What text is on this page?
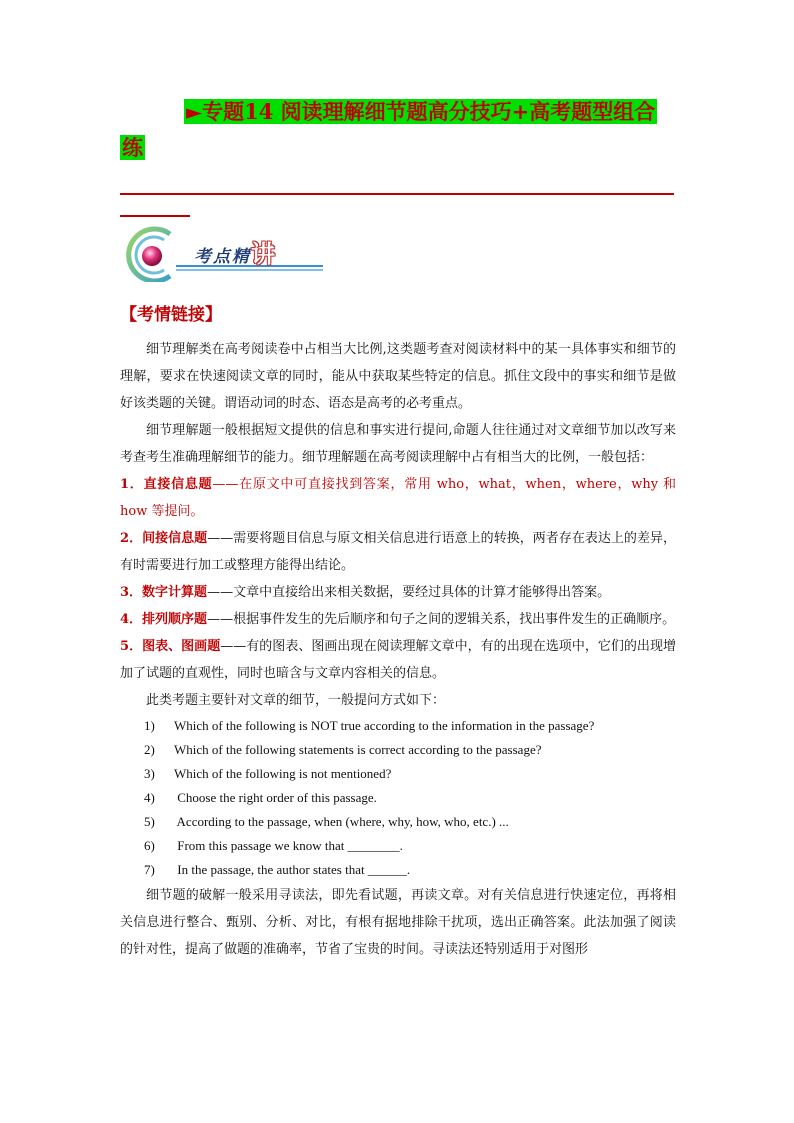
►专题14 阅读理解细节题高分技巧+高考题型组合
练
考点精讲
【考情链接】

细节理解类在高考阅读卷中占相当大比例,这类题考查对阅读材料中的某一具体事实和细节的理解，要求在快速阅读文章的同时，能从中获取某些特定的信息。抓住文段中的事实和细节是做好该类题的关键。谓语动词的时态、语态是高考的必考重点。

细节理解题一般根据短文提供的信息和事实进行提问,命题人往往通过对文章细节加以改写来考查考生准确理解细节的能力。细节理解题在高考阅读理解中占有相当大的比例，一般包括：

1．直接信息题——在原文中可直接找到答案，常用 who，what，when，where，why 和 how 等提问。

2．间接信息题——需要将题目信息与原文相关信息进行语意上的转换，两者存在表达上的差异，有时需要进行加工或整理方能得出结论。

3．数字计算题——文章中直接给出来相关数据，要经过具体的计算才能够得出答案。

4．排列顺序题——根据事件发生的先后顺序和句子之间的逻辑关系，找出事件发生的正确顺序。

5．图表、图画题——有的图表、图画出现在阅读理解文章中，有的出现在选项中，它们的出现增加了试题的直观性，同时也暗含与文章内容相关的信息。

此类考题主要针对文章的细节，一般提问方式如下：

1) Which of the following is NOT true according to the information in the passage?
2) Which of the following statements is correct according to the passage?
3) Which of the following is not mentioned?
4) Choose the right order of this passage.
5) According to the passage, when (where, why, how, who, etc.) ...
6) From this passage we know that ________.
7) In the passage, the author states that ______.

细节题的破解一般采用寻读法，即先看试题，再读文章。对有关信息进行快速定位，再将相关信息进行整合、甄别、分析、对比，有根有据地排除干扰项，选出正确答案。此法加强了阅读的针对性，提高了做题的准确率，节省了宝贵的时间。寻读法还特别适用于对图形
